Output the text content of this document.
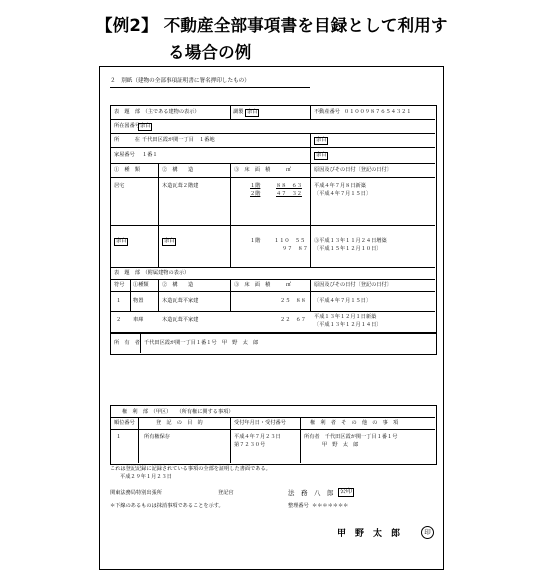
【例2】 不動産全部事項書を目録として利用す
る場合の例
２　別紙（建物の全部事項証明書に署名押印したもの）
表　題　部　（主である建物の表示）	調製 余白	不動産番号 ０１００９８７６５４３２１
所在図番号 余白
所　　　在 千代田区霞が関一丁目　１番地	余白
家屋番号 １番１	余白
①　種　類	②　構　　造	③　床　面　積　　　㎡	原因及びその日付〔登記の日付〕
居宅	木造瓦葺２階建	１階	８８　６３
２階	４７　３２
平成４年７月８日新築
〔平成４年７月１５日〕
余白	余白	１階	１１０　５５
９７　８７
③平成１３年１１月２４日増築
〔平成１５年１２月１０日〕
表　題　部　（附属建物の表示）
符号 ①種類	②　構　　造	③　床　面　積　　　㎡	原因及びその日付〔登記の日付〕
１ 物置	木造瓦葺平家建	２５　８８ 〔平成４年７月１５日〕
２ 車庫	木造瓦葺平家建	２２　６７ 平成１３年１２月１日新築
〔平成１３年１２月１４日〕
所　有　者 千代田区霞が関一丁目１番１号　甲　野　太　郎
権　利　部　（甲区）　　（所有権に関する事項）
順位番号	登　記　の　目　的	受付年月日・受付番号	権　利　者　そ　の　他　の　事　項
１	所有権保存	平成４年７月２３日
第７２３０号
所有者　千代田区霞が関一丁目１番１号
甲　野　太　郎
これは登記記録に記録されている事項の全部を証明した書面である。
平成２９年１月２３日
関東法務局特別出張所	登記官	法　務　八　郎	公印
＊下線のあるものは抹消事項であることを示す。	整理番号 ＊＊＊＊＊＊＊
甲野太郎	印
